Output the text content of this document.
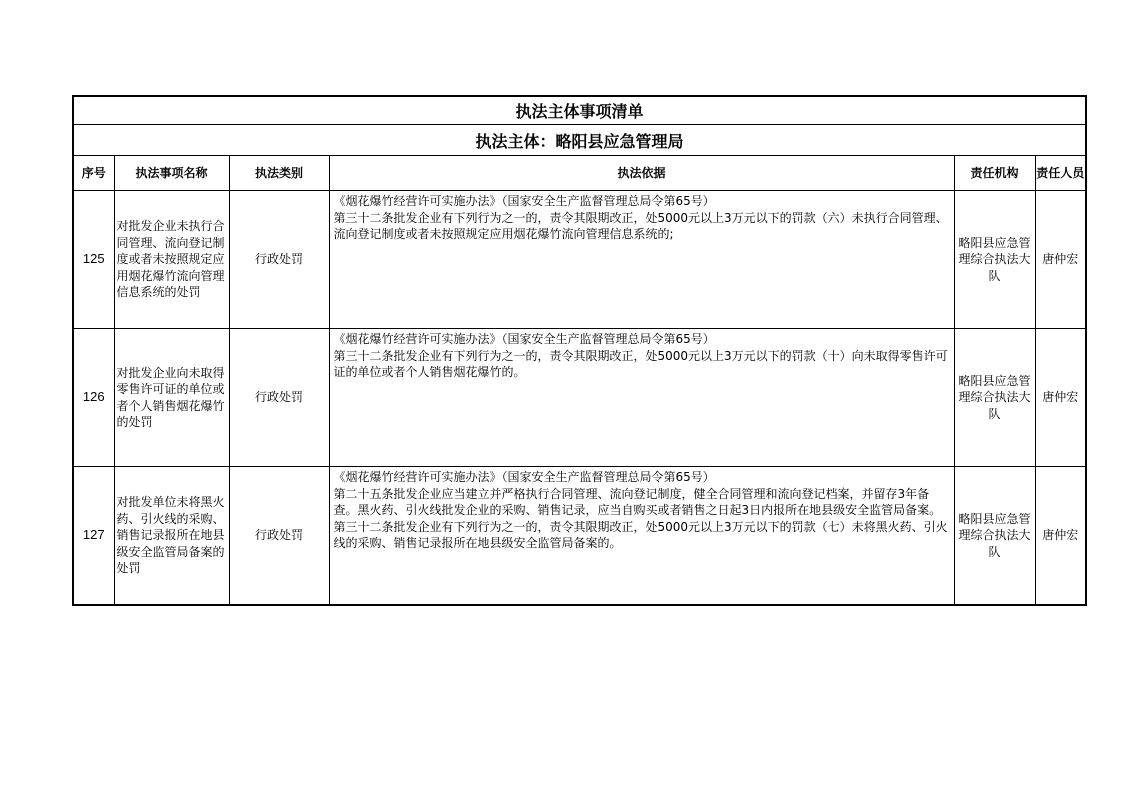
执法主体事项清单					
执法主体：略阳县应急管理局					
序号	执法事项名称	执法类别	执法依据	责任机构	责任人员
125	对批发企业未执行合同管理、流向登记制度或者未按照规定应用烟花爆竹流向管理信息系统的处罚	行政处罚	《烟花爆竹经营许可实施办法》（国家安全生产监督管理总局令第65号）
第三十二条批发企业有下列行为之一的，责令其限期改正，处5000元以上3万元以下的罚款（六）未执行合同管理、流向登记制度或者未按照规定应用烟花爆竹流向管理信息系统的;	略阳县应急管理综合执法大队	唐仲宏
126	对批发企业向未取得零售许可证的单位或者个人销售烟花爆竹的处罚	行政处罚	《烟花爆竹经营许可实施办法》（国家安全生产监督管理总局令第65号）
第三十二条批发企业有下列行为之一的，责令其限期改正，处5000元以上3万元以下的罚款（十）向未取得零售许可证的单位或者个人销售烟花爆竹的。	略阳县应急管理综合执法大队	唐仲宏
127	对批发单位未将黑火药、引火线的采购、销售记录报所在地县级安全监管局备案的处罚	行政处罚	《烟花爆竹经营许可实施办法》（国家安全生产监督管理总局令第65号）
第二十五条批发企业应当建立并严格执行合同管理、流向登记制度，健全合同管理和流向登记档案，并留存3年备查。黑火药、引火线批发企业的采购、销售记录，应当自购买或者销售之日起3日内报所在地县级安全监管局备案。
第三十二条批发企业有下列行为之一的，责令其限期改正，处5000元以上3万元以下的罚款（七）未将黑火药、引火线的采购、销售记录报所在地县级安全监管局备案的。	略阳县应急管理综合执法大队	唐仲宏
